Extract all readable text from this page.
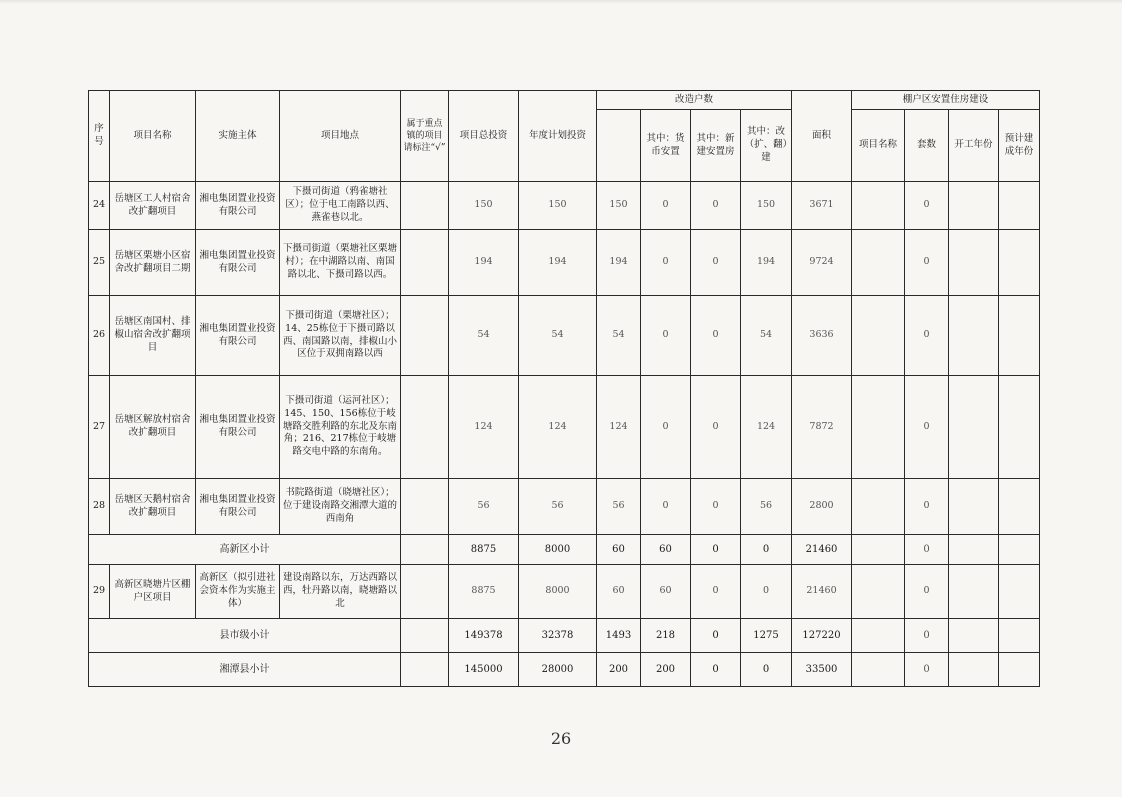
序号	项目名称	实施主体	项目地点	属于重点镇的项目请标注“√”	项目总投资	年度计划投资	改造户数				面积	棚户区安置住房建设			
								其中：货币安置	其中：新建安置房	其中：改（扩、翻）建		项目名称	套数	开工年份	预计建成年份
24	岳塘区工人村宿舍改扩翻项目	湘电集团置业投资有限公司	下摄司街道（鸦雀塘社区）；位于电工南路以西、燕雀巷以北。		150	150	150	0	0	150	3671		0		
25	岳塘区栗塘小区宿舍改扩翻项目二期	湘电集团置业投资有限公司	下摄司街道（栗塘社区栗塘村）；在中湖路以南、南国路以北、下摄司路以西。		194	194	194	0	0	194	9724		0		
26	岳塘区南国村、排椒山宿舍改扩翻项目	湘电集团置业投资有限公司	下摄司街道（栗塘社区）；14、25栋位于下摄司路以西、南国路以南，排椒山小区位于双拥南路以西		54	54	54	0	0	54	3636		0		
27	岳塘区解放村宿舍改扩翻项目	湘电集团置业投资有限公司	下摄司街道（运河社区）；145、150、156栋位于岐塘路交胜利路的东北及东南角；216、217栋位于岐塘路交电中路的东南角。		124	124	124	0	0	124	7872		0		
28	岳塘区天鹅村宿舍改扩翻项目	湘电集团置业投资有限公司	书院路街道（晓塘社区）；位于建设南路交湘潭大道的西南角		56	56	56	0	0	56	2800		0		
高新区小计					8875	8000	60	60	0	0	21460		0		
29	高新区晓塘片区棚户区项目	高新区（拟引进社会资本作为实施主体）	建设南路以东，万达西路以西，牡丹路以南，晓塘路以北		8875	8000	60	60	0	0	21460		0		
县市级小计					149378	32378	1493	218	0	1275	127220		0		
湘潭县小计					145000	28000	200	200	0	0	33500		0		
26
